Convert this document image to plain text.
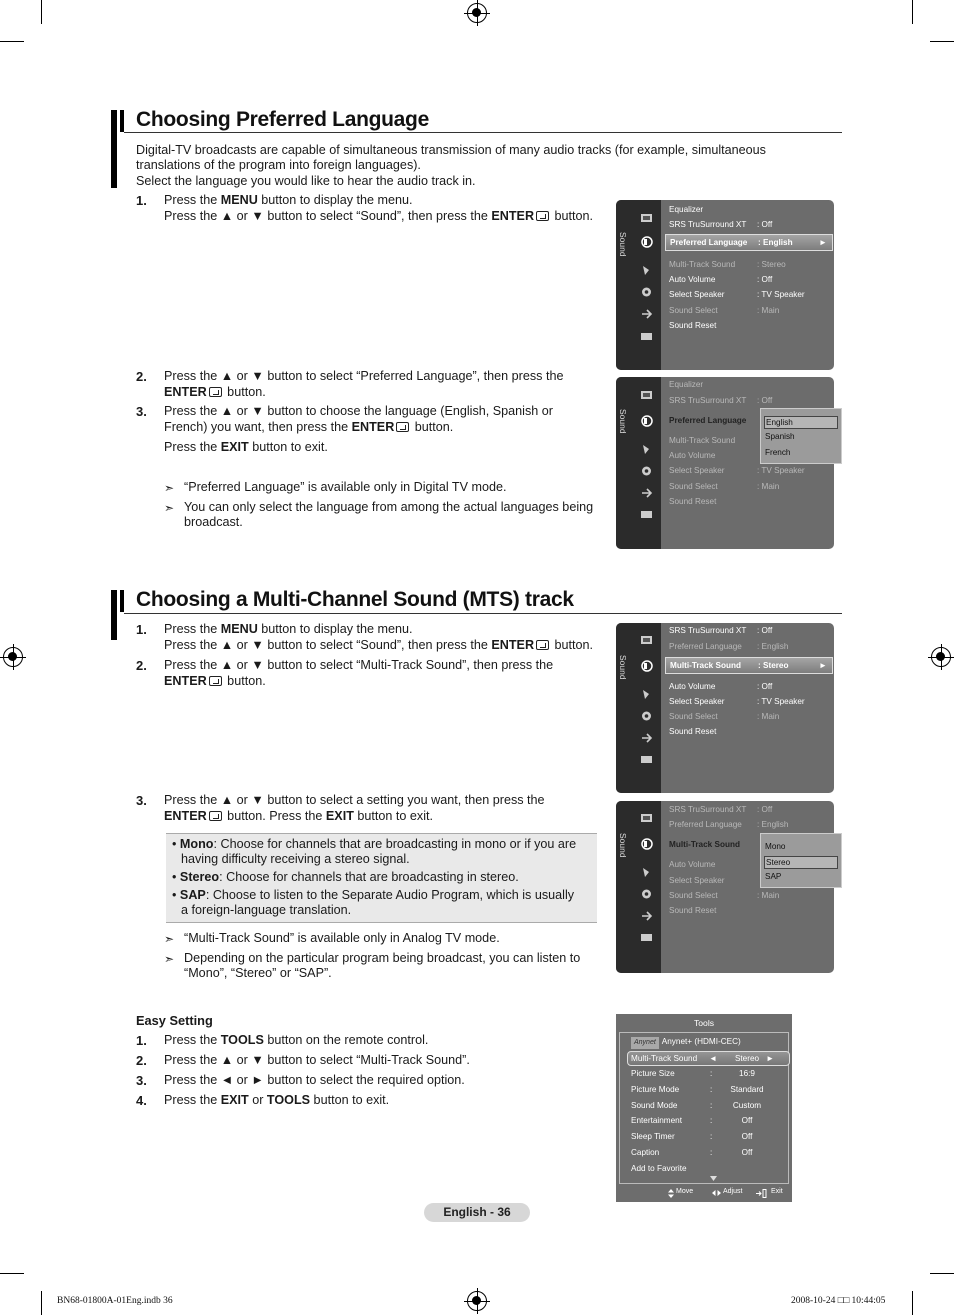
Choosing Preferred Language
Digital-TV broadcasts are capable of simultaneous transmission of many audio tracks (for example, simultaneous
translations of the program into foreign languages).
Select the language you would like to hear the audio track in.
1. Press the MENU button to display the menu.
Press the ▲ or ▼ button to select “Sound”, then press the ENTER button.
2. Press the ▲ or ▼ button to select “Preferred Language”, then press the
ENTER button.
3. Press the ▲ or ▼ button to choose the language (English, Spanish or
French) you want, then press the ENTER button.
Press the EXIT button to exit.
➣ “Preferred Language” is available only in Digital TV mode.
➣ You can only select the language from among the actual languages being
broadcast.
Sound
Equalizer
SRS TruSurround XT : Off
Preferred Language : English	►
Multi-Track Sound	: Stereo
Auto Volume	: Off
Select Speaker	: TV Speaker
Sound Select	: Main
Sound Reset
Sound
Equalizer
SRS TruSurround XT : Off
Preferred Language
Multi-Track Sound
Auto Volume
Select Speaker	: TV Speaker
Sound Select	: Main
Sound Reset
English
Spanish
French
Choosing a Multi-Channel Sound (MTS) track
1. Press the MENU button to display the menu.
Press the ▲ or ▼ button to select “Sound”, then press the ENTER button.
2. Press the ▲ or ▼ button to select “Multi-Track Sound”, then press the
ENTER button.
3. Press the ▲ or ▼ button to select a setting you want, then press the
ENTER button. Press the EXIT button to exit.
• Mono: Choose for channels that are broadcasting in mono or if you are
having difficulty receiving a stereo signal.
• Stereo: Choose for channels that are broadcasting in stereo.
• SAP: Choose to listen to the Separate Audio Program, which is usually
a foreign-language translation.
➣ “Multi-Track Sound” is available only in Analog TV mode.
➣ Depending on the particular program being broadcast, you can listen to
“Mono”, “Stereo” or “SAP”.
Sound
SRS TruSurround XT : Off
Preferred Language : English
Multi-Track Sound : Stereo	►
Auto Volume	: Off
Select Speaker	: TV Speaker
Sound Select	: Main
Sound Reset
Sound
SRS TruSurround XT : Off
Preferred Language : English
Multi-Track Sound
Auto Volume
Select Speaker
Sound Select	: Main
Sound Reset
Mono
Stereo
SAP
Easy Setting
1. Press the TOOLS button on the remote control.
2. Press the ▲ or ▼ button to select “Multi-Track Sound”.
3. Press the ◄ or ► button to select the required option.
4. Press the EXIT or TOOLS button to exit.
Tools
Anynet Anynet+ (HDMI-CEC)
Multi-Track Sound ◄	Stereo ►
Picture Size	:	16:9
Picture Mode	:	Standard
Sound Mode	:	Custom
Entertainment	:	Off
Sleep Timer	:	Off
Caption	:	Off
Add to Favorite
Move	Adjust	Exit
English - 36
BN68-01800A-01Eng.indb 36	2008-10-24 □□ 10:44:05
